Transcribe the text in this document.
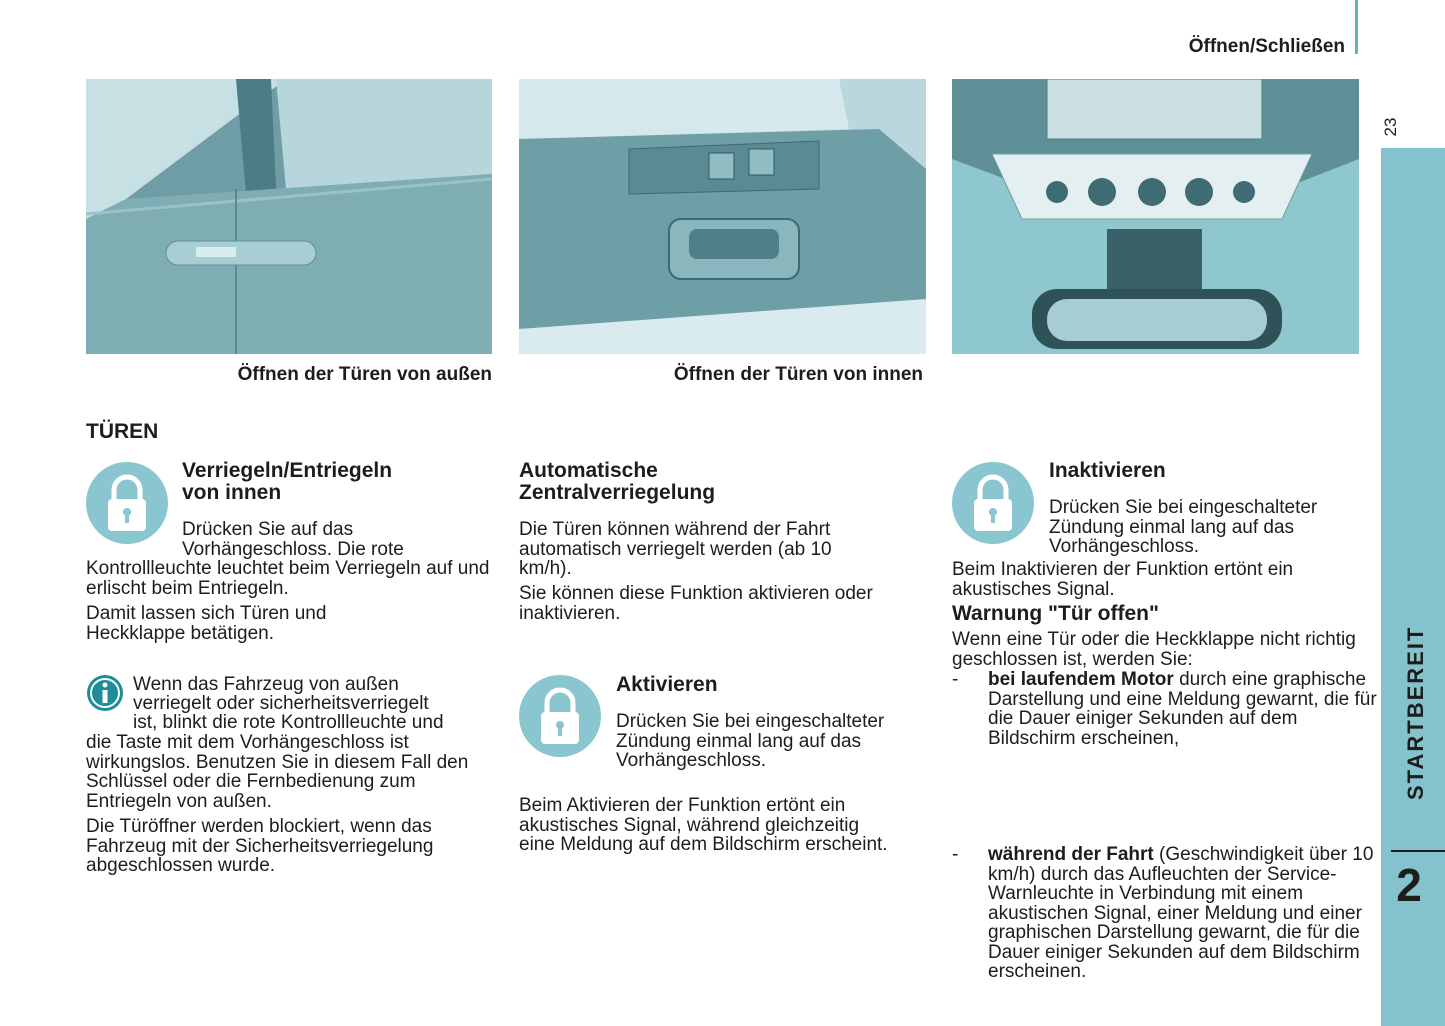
Öffnen/Schließen
23
STARTBEREIT
2
Öffnen der Türen von außen	Öffnen der Türen von innen
TÜREN
Verriegeln/Entriegeln
von innen
Drücken Sie auf das
Vorhängeschloss. Die rote
Kontrollleuchte leuchtet beim Verriegeln auf und erlischt beim Entriegeln.
Damit lassen sich Türen und Heckklappe betätigen.
Wenn das Fahrzeug von außen
verriegelt oder sicherheitsverriegelt
ist, blinkt die rote Kontrollleuchte und
die Taste mit dem Vorhängeschloss ist wirkungslos. Benutzen Sie in diesem Fall den Schlüssel oder die Fernbedienung zum Entriegeln von außen.
Die Türöffner werden blockiert, wenn das Fahrzeug mit der Sicherheitsverriegelung abgeschlossen wurde.
Automatische
Zentralverriegelung
Die Türen können während der Fahrt automatisch verriegelt werden (ab 10 km/h).
Sie können diese Funktion aktivieren oder inaktivieren.
Aktivieren
Drücken Sie bei eingeschalteter Zündung einmal lang auf das Vorhängeschloss.
Beim Aktivieren der Funktion ertönt ein akustisches Signal, während gleichzeitig eine Meldung auf dem Bildschirm erscheint.
Inaktivieren
Drücken Sie bei eingeschalteter Zündung einmal lang auf das Vorhängeschloss.
Beim Inaktivieren der Funktion ertönt ein akustisches Signal.
Warnung "Tür offen"
Wenn eine Tür oder die Heckklappe nicht richtig geschlossen ist, werden Sie:
- bei laufendem Motor durch eine graphische Darstellung und eine Meldung gewarnt, die für die Dauer einiger Sekunden auf dem Bildschirm erscheinen,
- während der Fahrt (Geschwindigkeit über 10 km/h) durch das Aufleuchten der Service-Warnleuchte in Verbindung mit einem akustischen Signal, einer Meldung und einer graphischen Darstellung gewarnt, die für die Dauer einiger Sekunden auf dem Bildschirm erscheinen.
